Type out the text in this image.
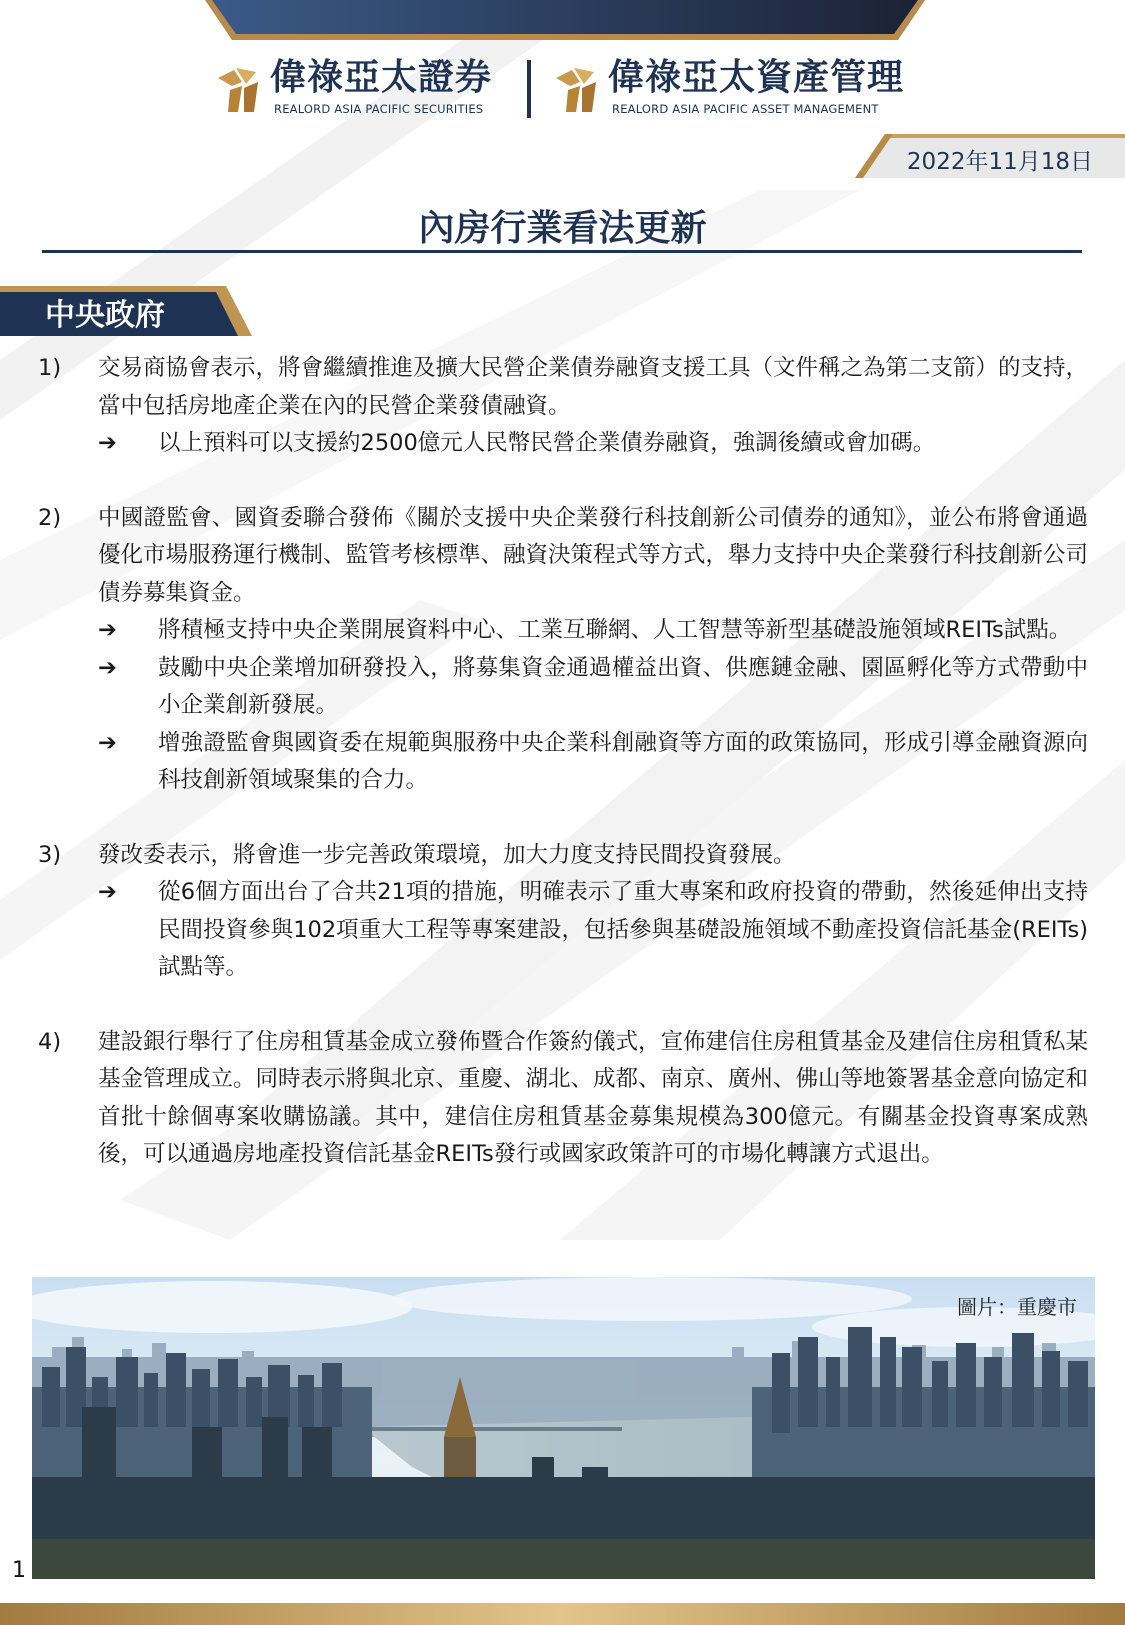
偉祿亞太證券
REALORD ASIA PACIFIC SECURITIES
偉祿亞太資產管理
REALORD ASIA PACIFIC ASSET MANAGEMENT
2022年11月18日
內房行業看法更新
中央政府
1) 交易商協會表示，將會繼續推進及擴大民營企業債券融資支援工具（文件稱之為第二支箭）的支持，當中包括房地產企業在內的民營企業發債融資。
➔ 以上預料可以支援約2500億元人民幣民營企業債券融資，強調後續或會加碼。
2) 中國證監會、國資委聯合發佈《關於支援中央企業發行科技創新公司債券的通知》，並公布將會通過優化市場服務運行機制、監管考核標準、融資決策程式等方式，舉力支持中央企業發行科技創新公司債券募集資金。
➔ 將積極支持中央企業開展資料中心、工業互聯網、人工智慧等新型基礎設施領域REITs試點。
➔ 鼓勵中央企業增加研發投入，將募集資金通過權益出資、供應鏈金融、園區孵化等方式帶動中小企業創新發展。
➔ 增強證監會與國資委在規範與服務中央企業科創融資等方面的政策協同，形成引導金融資源向科技創新領域聚集的合力。
3) 發改委表示，將會進一步完善政策環境，加大力度支持民間投資發展。
➔ 從6個方面出台了合共21項的措施，明確表示了重大專案和政府投資的帶動，然後延伸出支持民間投資參與102項重大工程等專案建設，包括參與基礎設施領域不動產投資信託基金(REITs)試點等。
4) 建設銀行舉行了住房租賃基金成立發佈暨合作簽約儀式，宣佈建信住房租賃基金及建信住房租賃私某基金管理成立。同時表示將與北京、重慶、湖北、成都、南京、廣州、佛山等地簽署基金意向協定和首批十餘個專案收購協議。其中，建信住房租賃基金募集規模為300億元。有關基金投資專案成熟後，可以通過房地產投資信託基金REITs發行或國家政策許可的市場化轉讓方式退出。
圖片：重慶市
1
